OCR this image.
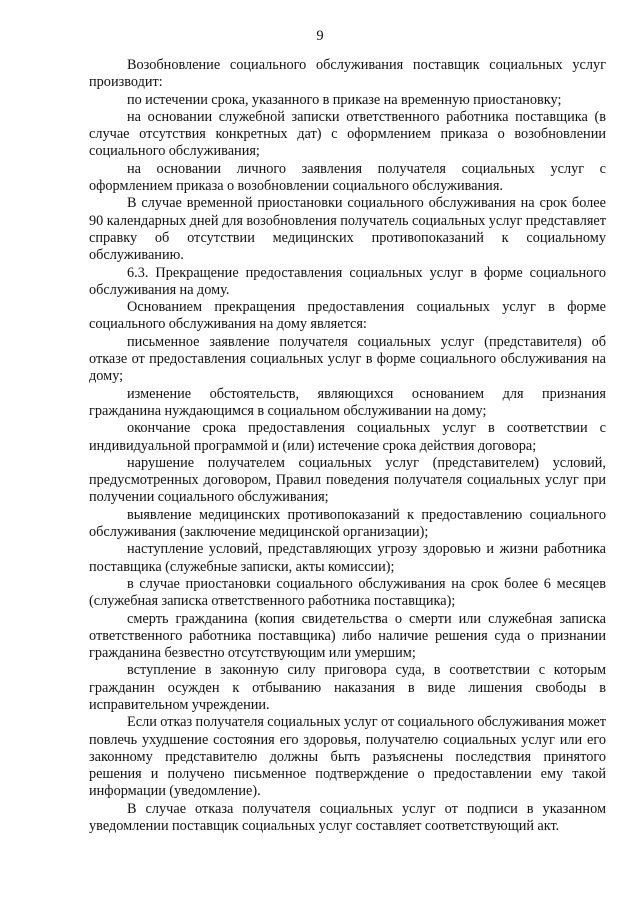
9

Возобновление социального обслуживания поставщик социальных услуг производит:

по истечении срока, указанного в приказе на временную приостановку;

на основании служебной записки ответственного работника поставщика (в случае отсутствия конкретных дат) с оформлением приказа о возобновлении социального обслуживания;

на основании личного заявления получателя социальных услуг с оформлением приказа о возобновлении социального обслуживания.

В случае временной приостановки социального обслуживания на срок более 90 календарных дней для возобновления получатель социальных услуг представляет справку об отсутствии медицинских противопоказаний к социальному обслуживанию.

6.3. Прекращение предоставления социальных услуг в форме социального обслуживания на дому.

Основанием прекращения предоставления социальных услуг в форме социального обслуживания на дому является:

письменное заявление получателя социальных услуг (представителя) об отказе от предоставления социальных услуг в форме социального обслуживания на дому;

изменение обстоятельств, являющихся основанием для признания гражданина нуждающимся в социальном обслуживании на дому;

окончание срока предоставления социальных услуг в соответствии с индивидуальной программой и (или) истечение срока действия договора;

нарушение получателем социальных услуг (представителем) условий, предусмотренных договором, Правил поведения получателя социальных услуг при получении социального обслуживания;

выявление медицинских противопоказаний к предоставлению социального обслуживания (заключение медицинской организации);

наступление условий, представляющих угрозу здоровью и жизни работника поставщика (служебные записки, акты комиссии);

в случае приостановки социального обслуживания на срок более 6 месяцев (служебная записка ответственного работника поставщика);

смерть гражданина (копия свидетельства о смерти или служебная записка ответственного работника поставщика) либо наличие решения суда о признании гражданина безвестно отсутствующим или умершим;

вступление в законную силу приговора суда, в соответствии с которым гражданин осужден к отбыванию наказания в виде лишения свободы в исправительном учреждении.

Если отказ получателя социальных услуг от социального обслуживания может повлечь ухудшение состояния его здоровья, получателю социальных услуг или его законному представителю должны быть разъяснены последствия принятого решения и получено письменное подтверждение о предоставлении ему такой информации (уведомление).

В случае отказа получателя социальных услуг от подписи в указанном уведомлении поставщик социальных услуг составляет соответствующий акт.
